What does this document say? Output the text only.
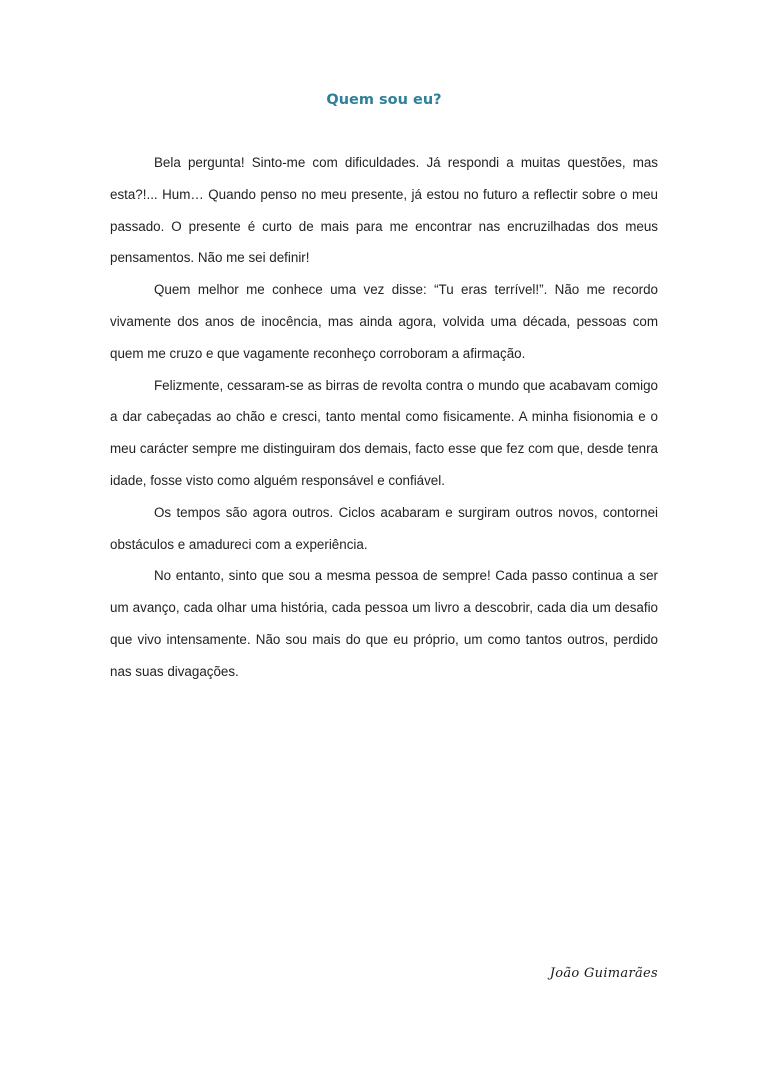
Quem sou eu?

Bela pergunta! Sinto-me com dificuldades. Já respondi a muitas questões, mas esta?!... Hum… Quando penso no meu presente, já estou no futuro a reflectir sobre o meu passado. O presente é curto de mais para me encontrar nas encruzilhadas dos meus pensamentos. Não me sei definir!

Quem melhor me conhece uma vez disse: “Tu eras terrível!”. Não me recordo vivamente dos anos de inocência, mas ainda agora, volvida uma década, pessoas com quem me cruzo e que vagamente reconheço corroboram a afirmação.

Felizmente, cessaram-se as birras de revolta contra o mundo que acabavam comigo a dar cabeçadas ao chão e cresci, tanto mental como fisicamente. A minha fisionomia e o meu carácter sempre me distinguiram dos demais, facto esse que fez com que, desde tenra idade, fosse visto como alguém responsável e confiável.

Os tempos são agora outros. Ciclos acabaram e surgiram outros novos, contornei obstáculos e amadureci com a experiência.

No entanto, sinto que sou a mesma pessoa de sempre! Cada passo continua a ser um avanço, cada olhar uma história, cada pessoa um livro a descobrir, cada dia um desafio que vivo intensamente. Não sou mais do que eu próprio, um como tantos outros, perdido nas suas divagações.

João Guimarães
